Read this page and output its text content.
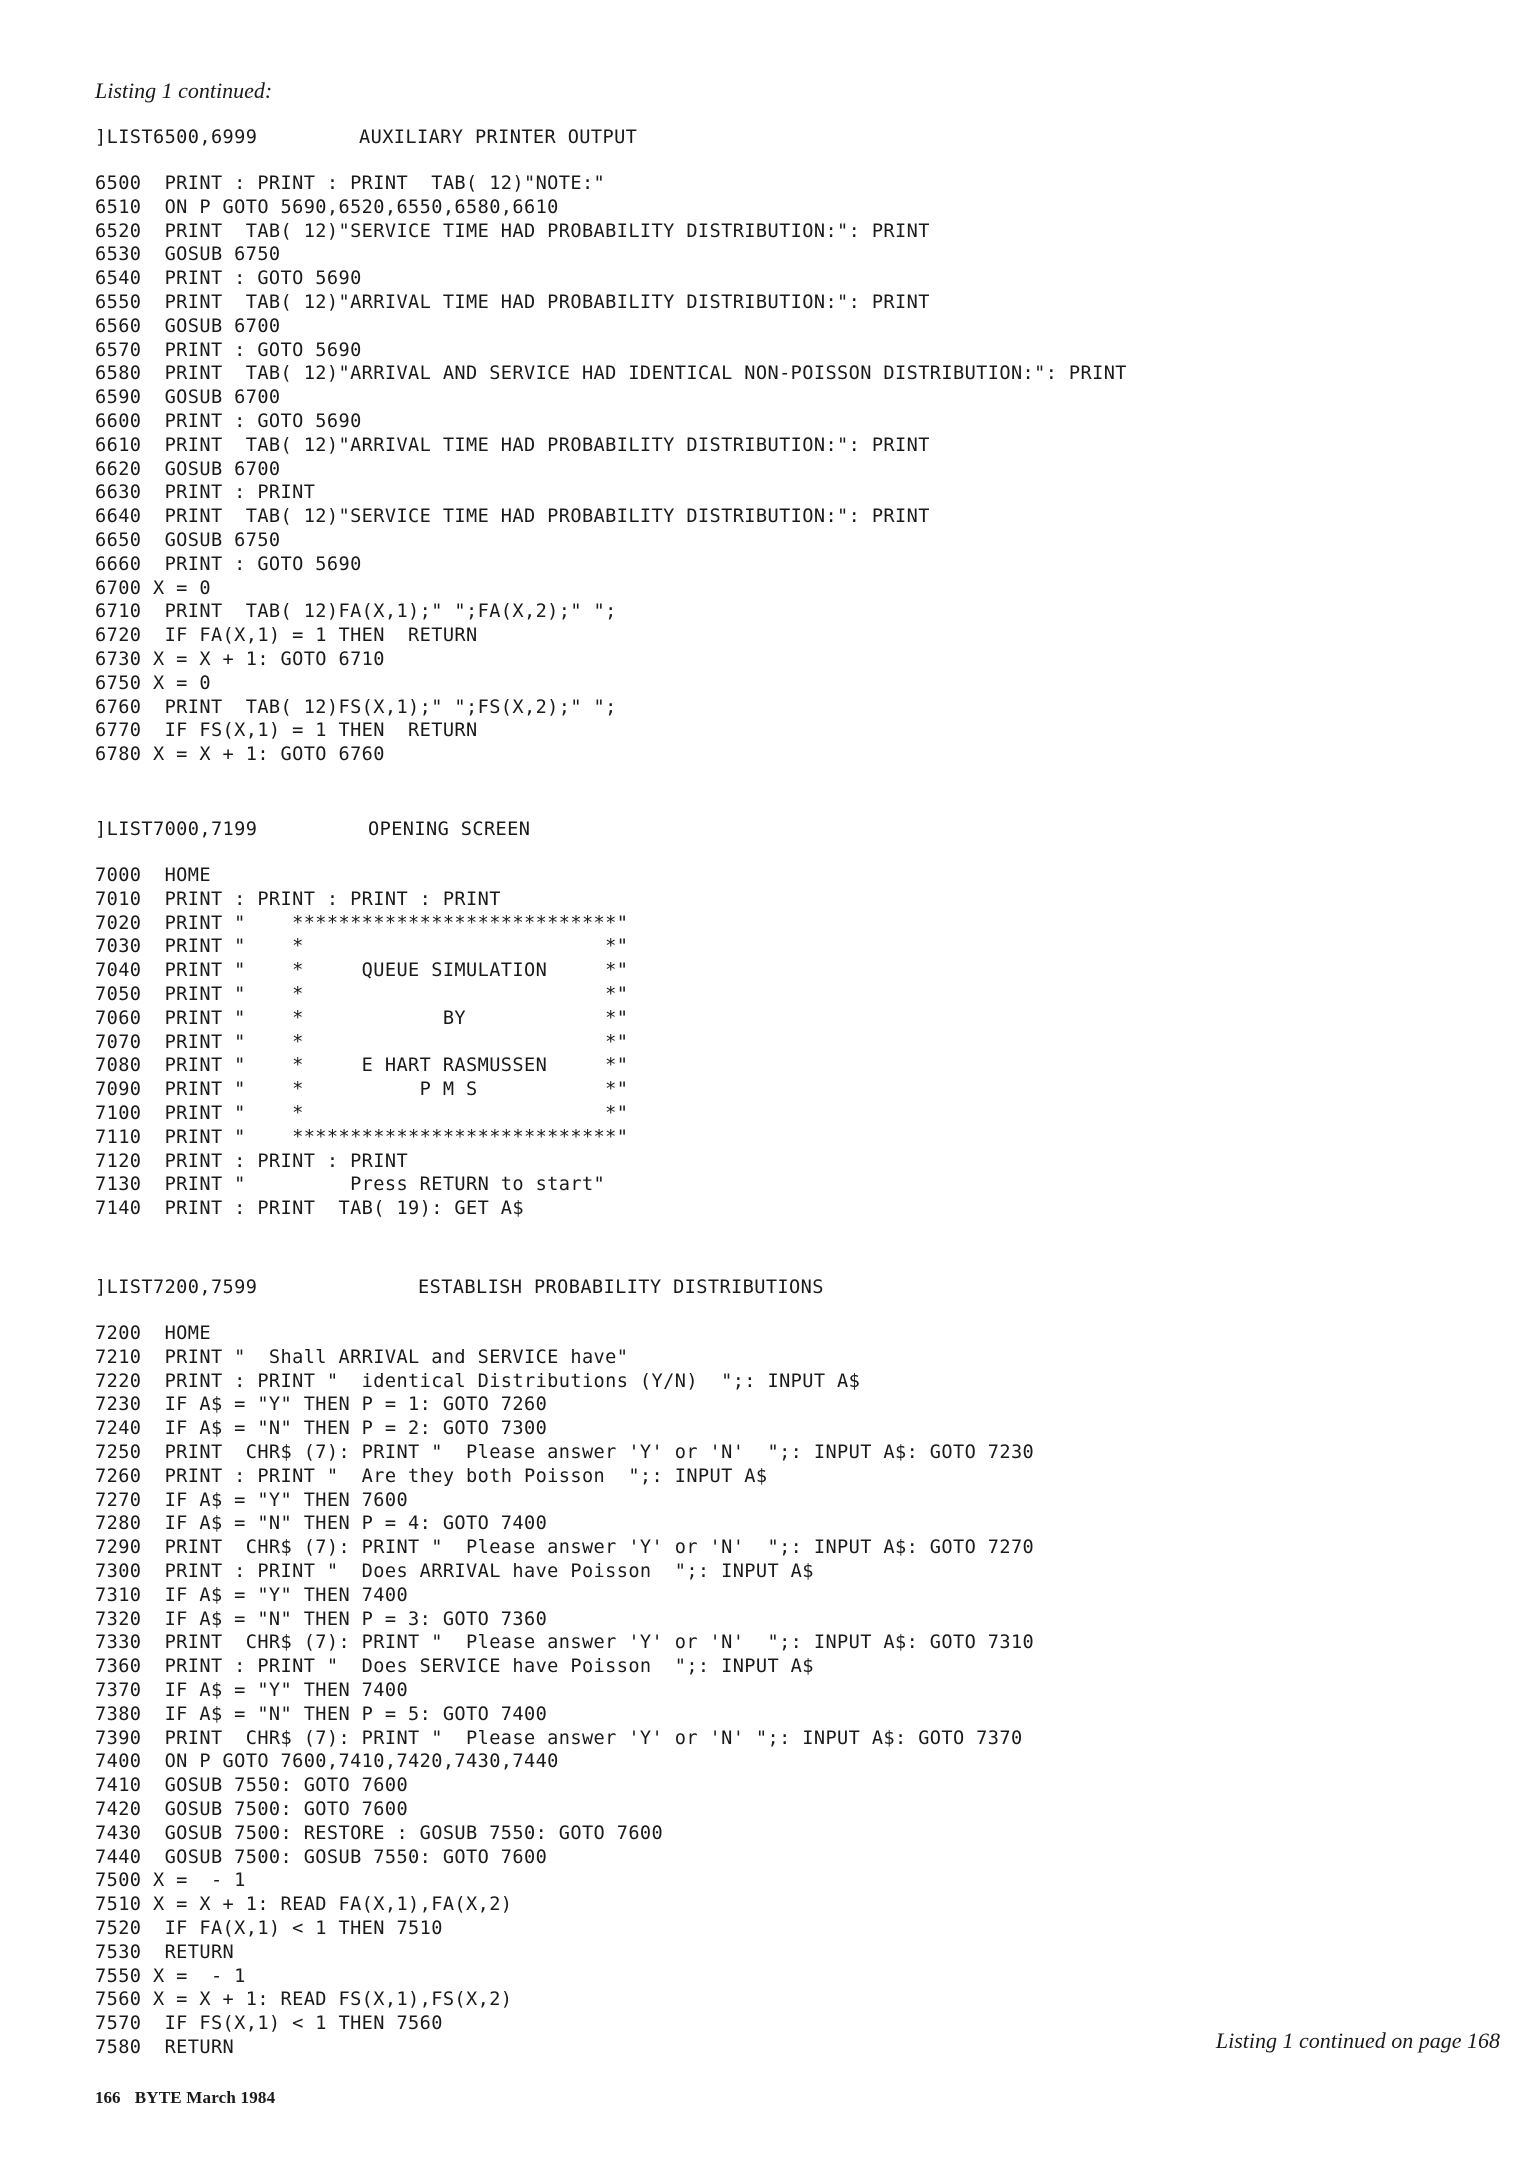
Listing 1 continued:

]LIST6500,6999

	AUXILIARY PRINTER OUTPUT

6500  PRINT : PRINT : PRINT  TAB( 12)"NOTE:"
6510  ON P GOTO 5690,6520,6550,6580,6610
6520  PRINT  TAB( 12)"SERVICE TIME HAD PROBABILITY DISTRIBUTION:": PRINT
6530  GOSUB 6750
6540  PRINT : GOTO 5690
6550  PRINT  TAB( 12)"ARRIVAL TIME HAD PROBABILITY DISTRIBUTION:": PRINT
6560  GOSUB 6700
6570  PRINT : GOTO 5690
6580  PRINT  TAB( 12)"ARRIVAL AND SERVICE HAD IDENTICAL NON-POISSON DISTRIBUTION:": PRINT
6590  GOSUB 6700
6600  PRINT : GOTO 5690
6610  PRINT  TAB( 12)"ARRIVAL TIME HAD PROBABILITY DISTRIBUTION:": PRINT
6620  GOSUB 6700
6630  PRINT : PRINT
6640  PRINT  TAB( 12)"SERVICE TIME HAD PROBABILITY DISTRIBUTION:": PRINT
6650  GOSUB 6750
6660  PRINT : GOTO 5690
6700 X = 0
6710  PRINT  TAB( 12)FA(X,1);" ";FA(X,2);" ";
6720  IF FA(X,1) = 1 THEN  RETURN
6730 X = X + 1: GOTO 6710
6750 X = 0
6760  PRINT  TAB( 12)FS(X,1);" ";FS(X,2);" ";
6770  IF FS(X,1) = 1 THEN  RETURN
6780 X = X + 1: GOTO 6760

]LIST7000,7199

	OPENING SCREEN

7000  HOME
7010  PRINT : PRINT : PRINT : PRINT
7020  PRINT "    ****************************"
7030  PRINT "    *                          *"
7040  PRINT "    *     QUEUE SIMULATION     *"
7050  PRINT "    *                          *"
7060  PRINT "    *            BY            *"
7070  PRINT "    *                          *"
7080  PRINT "    *     E HART RASMUSSEN     *"
7090  PRINT "    *          P M S           *"
7100  PRINT "    *                          *"
7110  PRINT "    ****************************"
7120  PRINT : PRINT : PRINT
7130  PRINT "         Press RETURN to start"
7140  PRINT : PRINT  TAB( 19): GET A$

]LIST7200,7599

	ESTABLISH PROBABILITY DISTRIBUTIONS

7200  HOME
7210  PRINT "  Shall ARRIVAL and SERVICE have"
7220  PRINT : PRINT "  identical Distributions (Y/N)  ";: INPUT A$
7230  IF A$ = "Y" THEN P = 1: GOTO 7260
7240  IF A$ = "N" THEN P = 2: GOTO 7300
7250  PRINT  CHR$ (7): PRINT "  Please answer 'Y' or 'N'  ";: INPUT A$: GOTO 7230
7260  PRINT : PRINT "  Are they both Poisson  ";: INPUT A$
7270  IF A$ = "Y" THEN 7600
7280  IF A$ = "N" THEN P = 4: GOTO 7400
7290  PRINT  CHR$ (7): PRINT "  Please answer 'Y' or 'N'  ";: INPUT A$: GOTO 7270
7300  PRINT : PRINT "  Does ARRIVAL have Poisson  ";: INPUT A$
7310  IF A$ = "Y" THEN 7400
7320  IF A$ = "N" THEN P = 3: GOTO 7360
7330  PRINT  CHR$ (7): PRINT "  Please answer 'Y' or 'N'  ";: INPUT A$: GOTO 7310
7360  PRINT : PRINT "  Does SERVICE have Poisson  ";: INPUT A$
7370  IF A$ = "Y" THEN 7400
7380  IF A$ = "N" THEN P = 5: GOTO 7400
7390  PRINT  CHR$ (7): PRINT "  Please answer 'Y' or 'N' ";: INPUT A$: GOTO 7370
7400  ON P GOTO 7600,7410,7420,7430,7440
7410  GOSUB 7550: GOTO 7600
7420  GOSUB 7500: GOTO 7600
7430  GOSUB 7500: RESTORE : GOSUB 7550: GOTO 7600
7440  GOSUB 7500: GOSUB 7550: GOTO 7600
7500 X =  - 1
7510 X = X + 1: READ FA(X,1),FA(X,2)
7520  IF FA(X,1) < 1 THEN 7510
7530  RETURN
7550 X =  - 1
7560 X = X + 1: READ FS(X,1),FS(X,2)
7570  IF FS(X,1) < 1 THEN 7560
7580  RETURN	Listing 1 continued on page 168
166 BYTE March 1984
